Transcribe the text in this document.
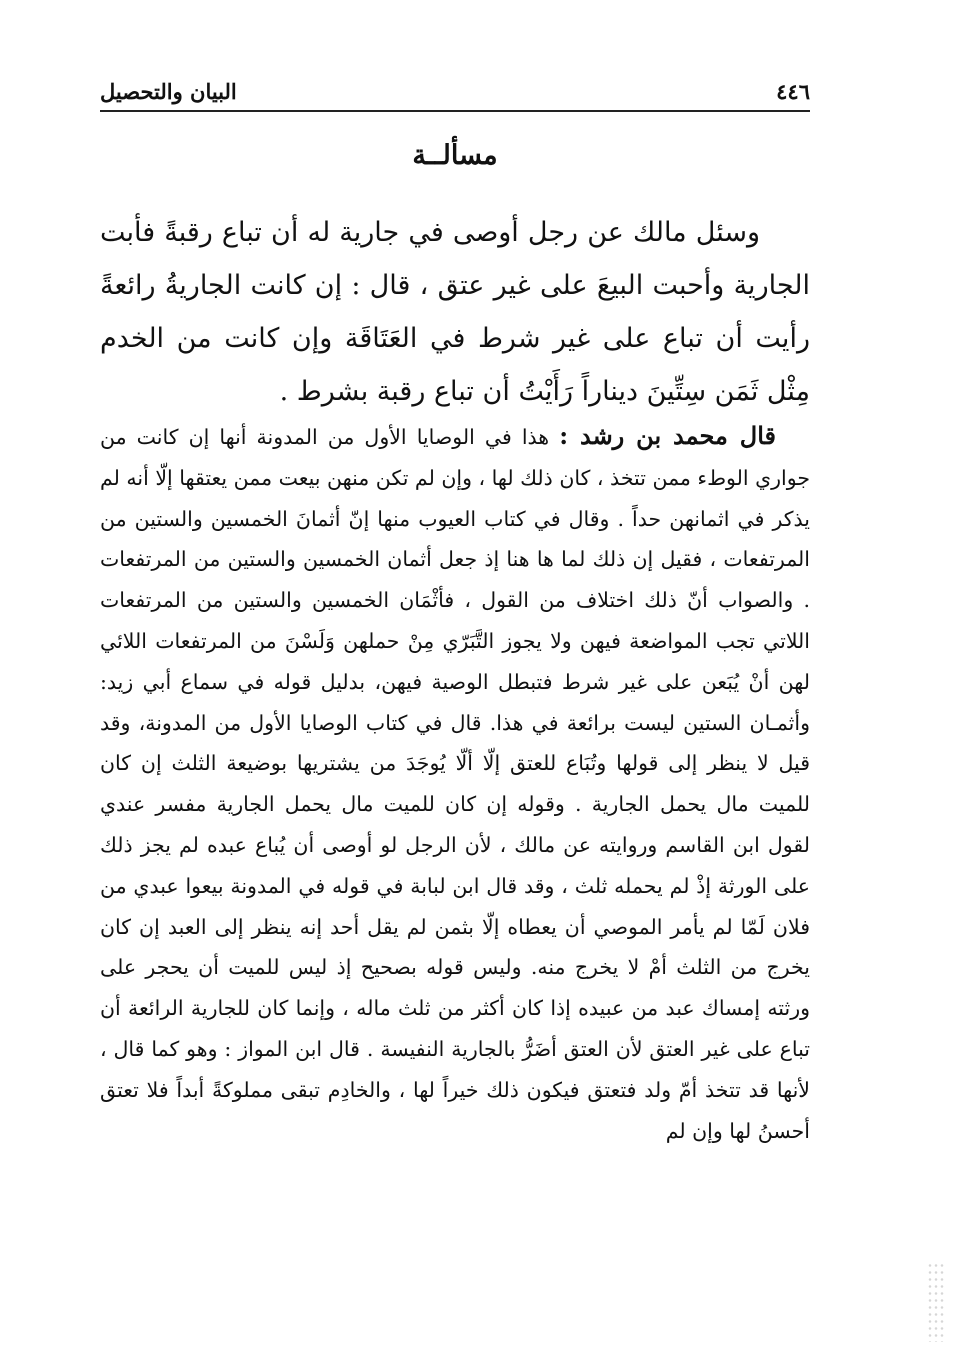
٤٤٦
البيان والتحصيل
مسألــة

وسئل مالك عن رجل أوصى في جارية له أن تباع رقبةً فأبت الجارية وأحبت البيعَ على غير عتق ، قال : إن كانت الجاريةُ رائعةً رأيت أن تباع على غير شرط في العَتَاقَة وإن كانت من الخدم مِثْل ثَمَن سِتِّينَ ديناراً رَأَيْتُ أن تباع رقبة بشرط .

قال محمد بن رشد : هذا في الوصايا الأول من المدونة أنها إن كانت من جواري الوطء ممن تتخذ ، كان ذلك لها ، وإن لم تكن منهن بيعت ممن يعتقها إلّا أنه لم يذكر في اثمانهن حداً . وقال في كتاب العيوب منها إنّ أثمانَ الخمسين والستين من المرتفعات ، فقيل إن ذلك لما ها هنا إذ جعل أثمان الخمسين والستين من المرتفعات . والصواب أنّ ذلك اختلاف من القول ، فأثْمَان الخمسين والستين من المرتفعات اللاتي تجب المواضعة فيهن ولا يجوز التَّبَرّي مِنْ حملهن وَلَسْنَ من المرتفعات اللائي لهن أنْ يُبَعن على غير شرط فتبطل الوصية فيهن، بدليل قوله في سماع أبي زيد: وأثمـان الستين ليست برائعة في هذا. قال في كتاب الوصايا الأول من المدونة، وقد قيل لا ينظر إلى قولها وتُبَاع للعتق إلّا ألّا يُوجَدَ من يشتريها بوضيعة الثلث إن كان للميت مال يحمل الجارية . وقوله إن كان للميت مال يحمل الجارية مفسر عندي لقول ابن القاسم وروايته عن مالك ، لأن الرجل لو أوصى أن يُباع عبده لم يجز ذلك على الورثة إذْ لم يحمله ثلث ، وقد قال ابن لبابة في قوله في المدونة بيعوا عبدي من فلان لَمّا لم يأمر الموصي أن يعطاه إلّا بثمن لم يقل أحد إنه ينظر إلى العبد إن كان يخرج من الثلث أمْ لا يخرج منه. وليس قوله بصحيح إذ ليس للميت أن يحجر على ورثته إمساك عبد من عبيده إذا كان أكثر من ثلث ماله ، وإنما كان للجارية الرائعة أن تباع على غير العتق لأن العتق أضَرُّ بالجارية النفيسة . قال ابن المواز : وهو كما قال ، لأنها قد تتخذ أمّ ولد فتعتق فيكون ذلك خيراً لها ، والخادِم تبقى مملوكةً أبداً فلا تعتق أحسنُ لها وإن لم
